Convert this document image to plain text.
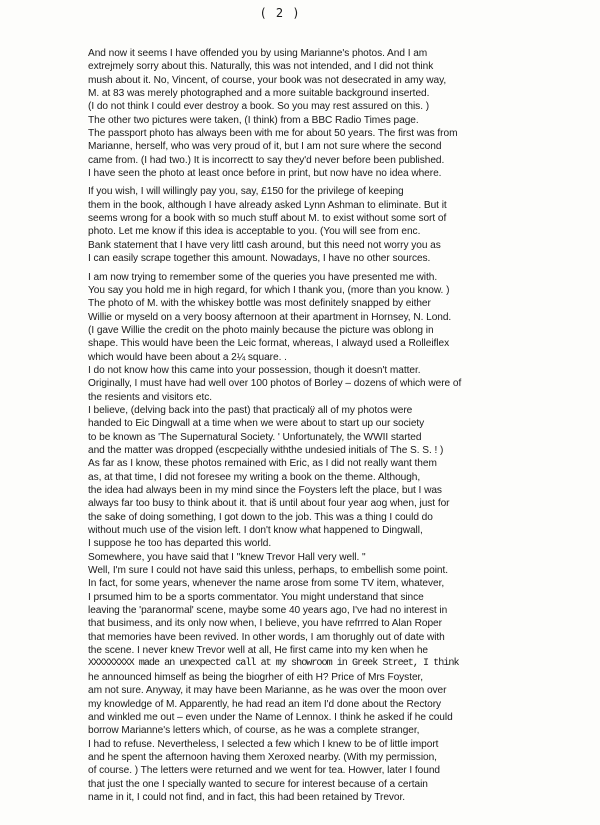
( 2 )
And now it seems I have offended you by using Marianne's photos. And I am
extrejmely sorry about this. Naturally, this was not intended, and I did not think
mush about it. No, Vincent, of course, your book was not desecrated in amy way,
M. at 83 was merely photographed and a more suitable background inserted.
(I do not think I could ever destroy a book. So you may rest assured on this. )
The other two pictures were taken, (I think) from a BBC Radio Times page.
The passport photo has always been with me for about 50 years. The first was from
Marianne, herself, who was very proud of it, but I am not sure where the second
came from. (I had two.) It is incorrectt to say they'd never before been published.
I have seen the photo at least once before in print, but now have no idea where.
If you wish, I will willingly pay you, say, £150 for the privilege of keeping
them in the book, although I have already asked Lynn Ashman to eliminate. But it
seems wrong for a book with so much stuff about M. to exist without some sort of
photo. Let me know if this idea is acceptable to you. (You will see from enc.
Bank statement that I have very littl cash around, but this need not worry you as
I can easily scrape together this amount. Nowadays, I have no other sources.
I am now trying to remember some of the queries you have presented me with.
You say you hold me in high regard, for which I thank you, (more than you know. )
The photo of M. with the whiskey bottle was most definitely snapped by either
Willie or myseld on a very boosy afternoon at their apartment in Hornsey, N. Lond.
(I gave Willie the credit on the photo mainly because the picture was oblong in
shape. This would have been the Leic format, whereas, I alwayd used a Rolleiflex
which would have been about a 2¼ square. .
I do not know how this came into your possession, though it doesn't matter.
Originally, I must have had well over 100 photos of Borley – dozens of which were of
the resients and visitors etc.
I believe, (delving back into the past) that practicalÿ all of my photos were
handed to Eic Dingwall at a time when we were about to start up our society
to be known as 'The Supernatural Society. ' Unfortunately, the WWII started
and the matter was dropped (escpecially withthe undesied initials of The S. S. ! )
As far as I know, these photos remained with Eric, as I did not really want them
as, at that time, I did not foresee my writing a book on the theme. Although,
the idea had always been in my mind since the Foysters left the place, but I was
always far too busy to think about it. that iš until about four year aog when, just for
the sake of doing something, I got down to the job. This was a thing I could do
without much use of the vision left. I don't know what happened to Dingwall,
I suppose he too has departed this world.
Somewhere, you have said that I "knew Trevor Hall very well. "
Well, I'm sure I could not have said this unless, perhaps, to embellish some point.
In fact, for some years, whenever the name arose from some TV item, whatever,
I prsumed him to be a sports commentator. You might understand that since
leaving the 'paranormal' scene, maybe some 40 years ago, I've had no interest in
that busimess, and its only now when, I believe, you have refrrred to Alan Roper
that memories have been revived. In other words, I am thorughly out of date with
the scene. I never knew Trevor well at all, He first came into my ken when he
XXXXXXXXX made an unexpected call at my showroom in Greek Street, I think
he announced himself as being the biogrher of eith H? Price of Mrs Foyster,
am not sure. Anyway, it may have been Marianne, as he was over the moon over
my knowledge of M. Apparently, he had read an item I'd done about the Rectory
and winkled me out – even under the Name of Lennox. I think he asked if he could
borrow Marianne's letters which, of course, as he was a complete stranger,
I had to refuse. Nevertheless, I selected a few which I knew to be of little import
and he spent the afternoon having them Xeroxed nearby. (With my permission,
of course. ) The letters were returned and we went for tea. Howver, later I found
that just the one I specially wanted to secure for interest because of a certain
name in it, I could not find, and in fact, this had been retained by Trevor.
